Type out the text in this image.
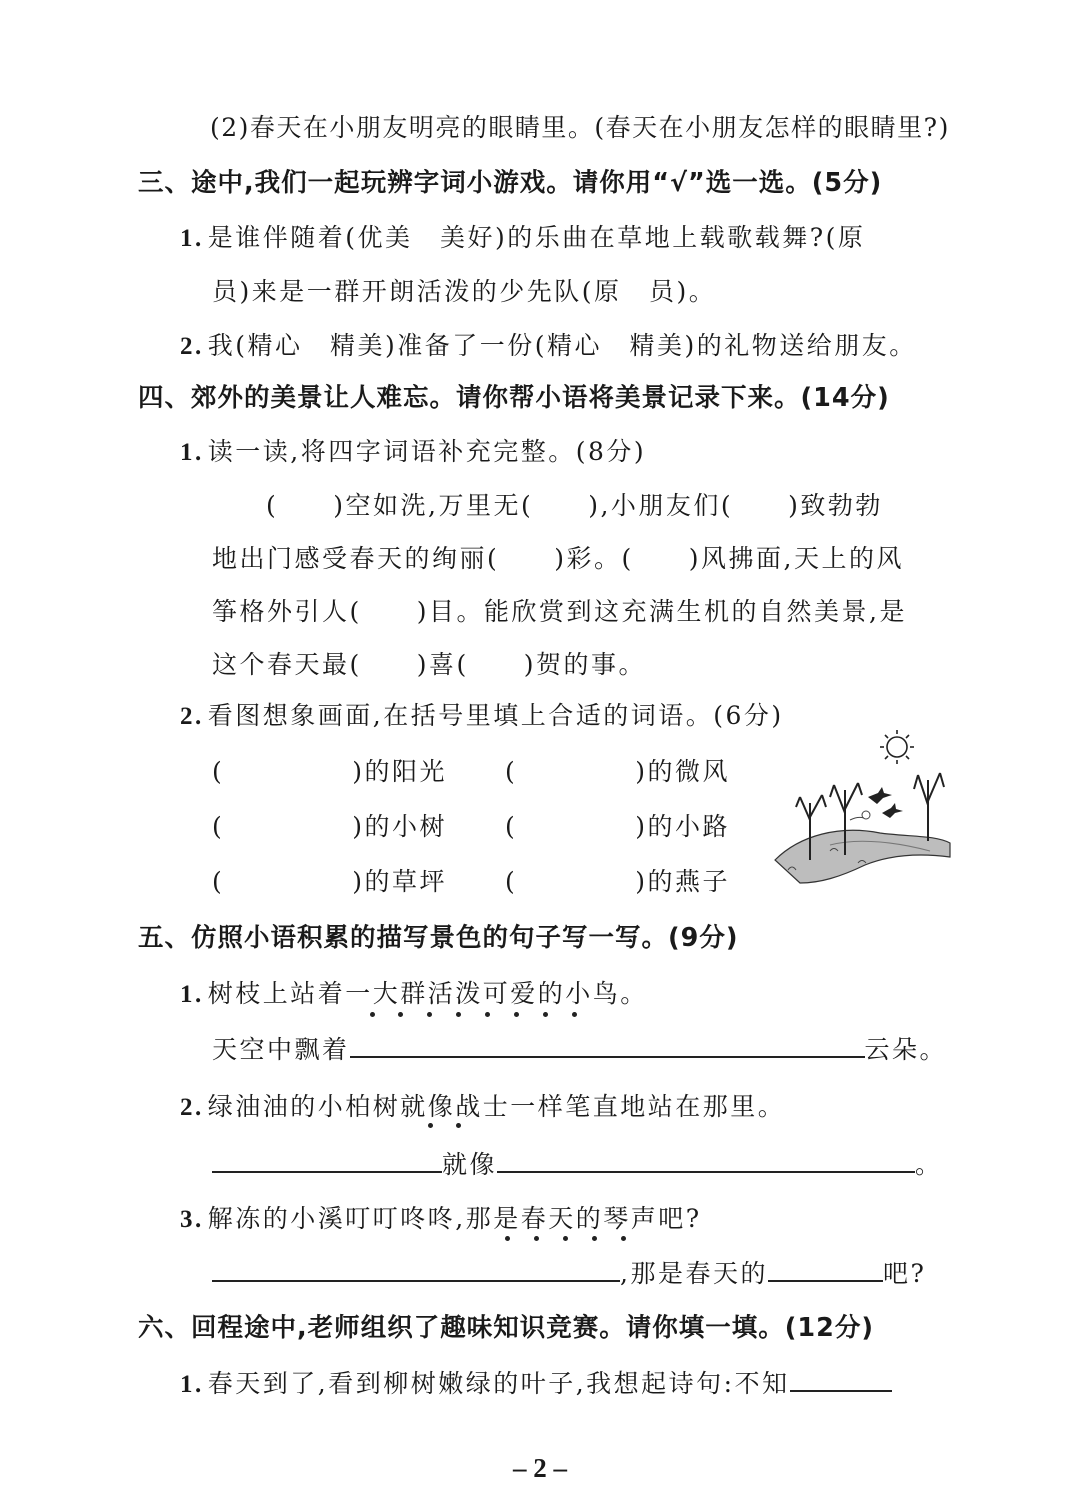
(2)春天在小朋友明亮的眼睛里。(春天在小朋友怎样的眼睛里?)
三、途中,我们一起玩辨字词小游戏。请你用“√”选一选。(5分)
1. 是谁伴随着(优美　美好)的乐曲在草地上载歌载舞?(原
员)来是一群开朗活泼的少先队(原　员)。
2. 我(精心　精美)准备了一份(精心　精美)的礼物送给朋友。
四、郊外的美景让人难忘。请你帮小语将美景记录下来。(14分)
1. 读一读,将四字词语补充完整。(8分)
(　　)空如洗,万里无(　　),小朋友们(　　)致勃勃
地出门感受春天的绚丽(　　)彩。(　　)风拂面,天上的风
筝格外引人(　　)目。能欣赏到这充满生机的自然美景,是
这个春天最(　　)喜(　　)贺的事。
2. 看图想象画面,在括号里填上合适的词语。(6分)
(	)的阳光 (	)的微风
(	)的小树 (	)的小路
(	)的草坪 (	)的燕子
五、仿照小语积累的描写景色的句子写一写。(9分)
1. 树枝上站着一大群活泼可爱的小鸟。
天空中飘着	云朵。
2. 绿油油的小柏树就像战士一样笔直地站在那里。
就像	。
3. 解冻的小溪叮叮咚咚,那是春天的琴声吧?
,那是春天的	吧?
六、回程途中,老师组织了趣味知识竞赛。请你填一填。(12分)
1. 春天到了,看到柳树嫩绿的叶子,我想起诗句:不知
– 2 –
